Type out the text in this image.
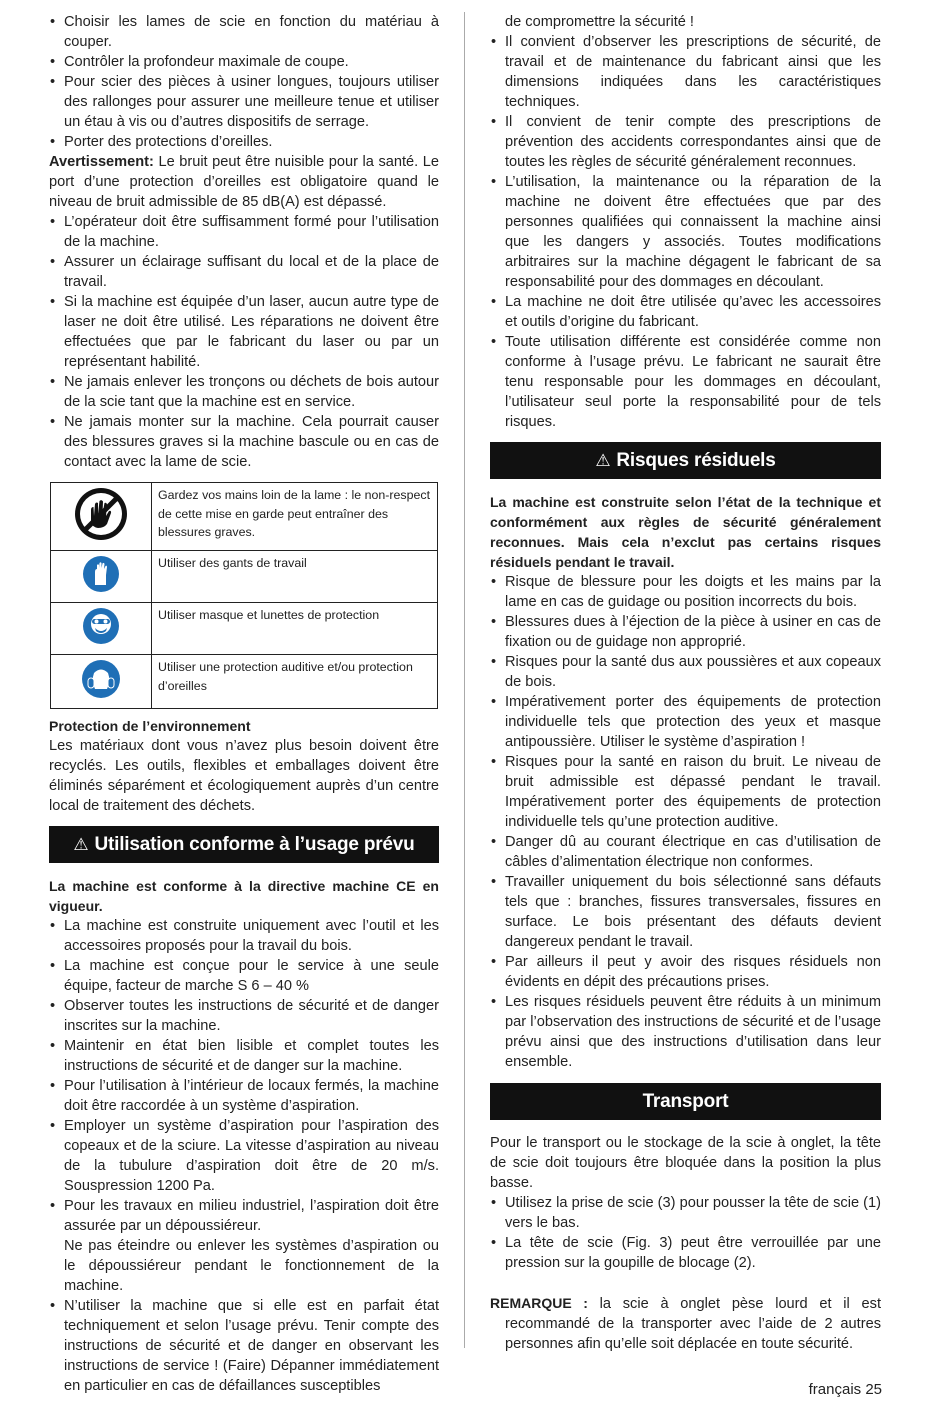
• Choisir les lames de scie en fonction du matériau à couper.
• Contrôler la profondeur maximale de coupe.
• Pour scier des pièces à usiner longues, toujours utiliser des rallonges pour assurer une meilleure tenue et utiliser un étau à vis ou d’autres dispositifs de serrage.
• Porter des protections d’oreilles.

Avertissement: Le bruit peut être nuisible pour la santé. Le port d’une protection d’oreilles est obligatoire quand le niveau de bruit admissible de 85 dB(A) est dépassé.

• L’opérateur doit être suffisamment formé pour l’utilisation de la machine.
• Assurer un éclairage suffisant du local et de la place de travail.
• Si la machine est équipée d’un laser, aucun autre type de laser ne doit être utilisé. Les réparations ne doivent être effectuées que par le fabricant du laser ou par un représentant habilité.
• Ne jamais enlever les tronçons ou déchets de bois autour de la scie tant que la machine est en service.
• Ne jamais monter sur la machine. Cela pourrait causer des blessures graves si la machine bascule ou en cas de contact avec la lame de scie.
	Gardez vos mains loin de la lame : le non-respect de cette mise en garde peut entraîner des blessures graves.
	Utiliser des gants de travail
	Utiliser masque et lunettes de protection
	Utiliser une protection auditive et/ou protection d’oreilles

Protection de l’environnement

Les matériaux dont vous n’avez plus besoin doivent être recyclés. Les outils, flexibles et emballages doivent être éliminés séparément et écologiquement auprès d’un centre local de traitement des déchets.

⚠ Utilisation conforme à l’usage prévu

La machine est conforme à la directive machine CE en vigueur.

• La machine est construite uniquement avec l’outil et les accessoires proposés pour la travail du bois.
• La machine est conçue pour le service à une seule équipe, facteur de marche S 6 – 40 %
• Observer toutes les instructions de sécurité et de danger inscrites sur la machine.
• Maintenir en état bien lisible et complet toutes les instructions de sécurité et de danger sur la machine.
• Pour l’utilisation à l’intérieur de locaux fermés, la machine doit être raccordée à un système d’aspiration.
• Employer un système d’aspiration pour l’aspiration des copeaux et de la sciure. La vitesse d’aspiration au niveau de la tubulure d’aspiration doit être de 20 m/s. Souspression 1200 Pa.
• Pour les travaux en milieu industriel, l’aspiration doit être assurée par un dépoussiéreur.

Ne pas éteindre ou enlever les systèmes d’aspiration ou le dépoussiéreur pendant le fonctionnement de la machine.

• N’utiliser la machine que si elle est en parfait état techniquement et selon l’usage prévu. Tenir compte des instructions de sécurité et de danger en observant les instructions de service ! (Faire) Dépanner immédiatement en particulier en cas de défaillances susceptibles

de compromettre la sécurité !

• Il convient d’observer les prescriptions de sécurité, de travail et de maintenance du fabricant ainsi que les dimensions indiquées dans les caractéristiques techniques.
• Il convient de tenir compte des prescriptions de prévention des accidents correspondantes ainsi que de toutes les règles de sécurité généralement reconnues.
• L’utilisation, la maintenance ou la réparation de la machine ne doivent être effectuées que par des personnes qualifiées qui connaissent la machine ainsi que les dangers y associés. Toutes modifications arbitraires sur la machine dégagent le fabricant de sa responsabilité pour des dommages en découlant.
• La machine ne doit être utilisée qu’avec les accessoires et outils d’origine du fabricant.
• Toute utilisation différente est considérée comme non conforme à l’usage prévu. Le fabricant ne saurait être tenu responsable pour les dommages en découlant, l’utilisateur seul porte la responsabilité pour de tels risques.
⚠ Risques résiduels

La machine est construite selon l’état de la technique et conformément aux règles de sécurité généralement reconnues. Mais cela n’exclut pas certains risques résiduels pendant le travail.

• Risque de blessure pour les doigts et les mains par la lame en cas de guidage ou position incorrects du bois.
• Blessures dues à l’éjection de la pièce à usiner en cas de fixation ou de guidage non approprié.
• Risques pour la santé dus aux poussières et aux copeaux de bois.
• Impérativement porter des équipements de protection individuelle tels que protection des yeux et masque antipoussière. Utiliser le système d’aspiration !
• Risques pour la santé en raison du bruit. Le niveau de bruit admissible est dépassé pendant le travail. Impérativement porter des équipements de protection individuelle tels qu’une protection auditive.
• Danger dû au courant électrique en cas d’utilisation de câbles d’alimentation électrique non conformes.
• Travailler uniquement du bois sélectionné sans défauts tels que : branches, fissures transversales, fissures en surface. Le bois présentant des défauts devient dangereux pendant le travail.
• Par ailleurs il peut y avoir des risques résiduels non évidents en dépit des précautions prises.
• Les risques résiduels peuvent être réduits à un minimum par l’observation des instructions de sécurité et de l’usage prévu ainsi que des instructions d’utilisation dans leur ensemble.
Transport

Pour le transport ou le stockage de la scie à onglet, la tête de scie doit toujours être bloquée dans la position la plus basse.

• Utilisez la prise de scie (3) pour pousser la tête de scie (1) vers le bas.
• La tête de scie (Fig. 3) peut être verrouillée par une pression sur la goupille de blocage (2).

REMARQUE : la scie à onglet pèse lourd et il est recommandé de la transporter avec l’aide de 2 autres personnes afin qu’elle soit déplacée en toute sécurité.

français 25
